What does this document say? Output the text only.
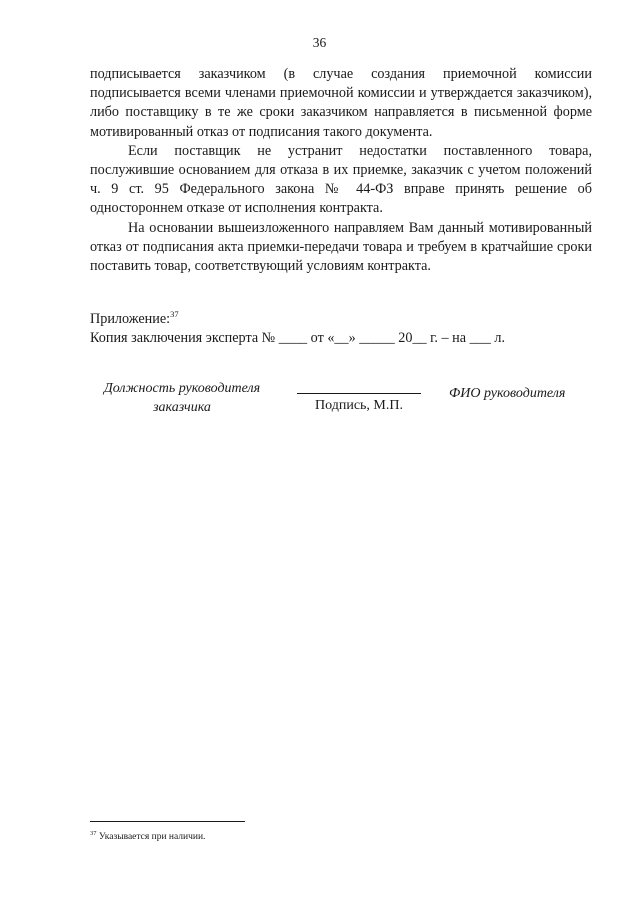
36

подписывается заказчиком (в случае создания приемочной комиссии подписывается всеми членами приемочной комиссии и утверждается заказчиком), либо поставщику в те же сроки заказчиком направляется в письменной форме мотивированный отказ от подписания такого документа.

Если поставщик не устранит недостатки поставленного товара, послужившие основанием для отказа в их приемке, заказчик с учетом положений ч. 9 ст. 95 Федерального закона № 44-ФЗ вправе принять решение об одностороннем отказе от исполнения контракта.

На основании вышеизложенного направляем Вам данный мотивированный отказ от подписания акта приемки-передачи товара и требуем в кратчайшие сроки поставить товар, соответствующий условиям контракта.

Приложение:$^{37}$
Копия заключения эксперта № ____ от «__» _____ 20__ г. – на ___ л.
Должность руководителя заказчика	Подпись, М.П.
ФИО руководителя
$^{37}$ Указывается при наличии.
